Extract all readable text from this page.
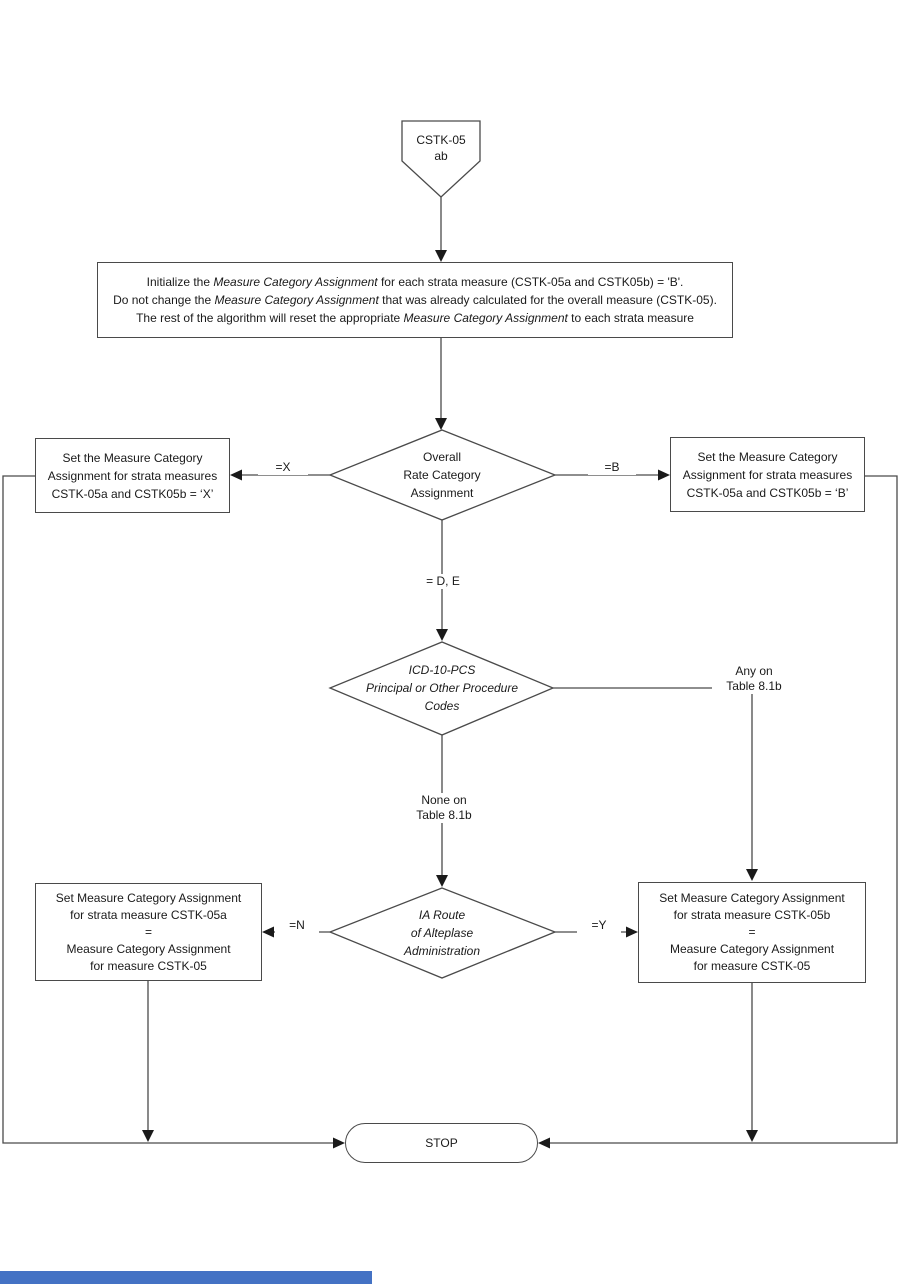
CSTK-05
ab
Initialize the Measure Category Assignment for each strata measure (CSTK-05a and CSTK05b) = 'B'.
Do not change the Measure Category Assignment that was already calculated for the overall measure (CSTK-05).
The rest of the algorithm will reset the appropriate Measure Category Assignment to each strata measure
Overall
Rate Category
Assignment
Set the Measure Category
Assignment for strata measures
CSTK-05a and CSTK05b = ‘X’
Set the Measure Category
Assignment for strata measures
CSTK-05a and CSTK05b = ‘B’
ICD-10-PCS
Principal or Other Procedure
Codes
IA Route
of Alteplase
Administration
Set Measure Category Assignment
for strata measure CSTK-05a
=
Measure Category Assignment
for measure CSTK-05
Set Measure Category Assignment
for strata measure CSTK-05b
=
Measure Category Assignment
for measure CSTK-05
=X	=B
= D, E
Any on
Table 8.1b
None on
Table 8.1b
=N	=Y
STOP
